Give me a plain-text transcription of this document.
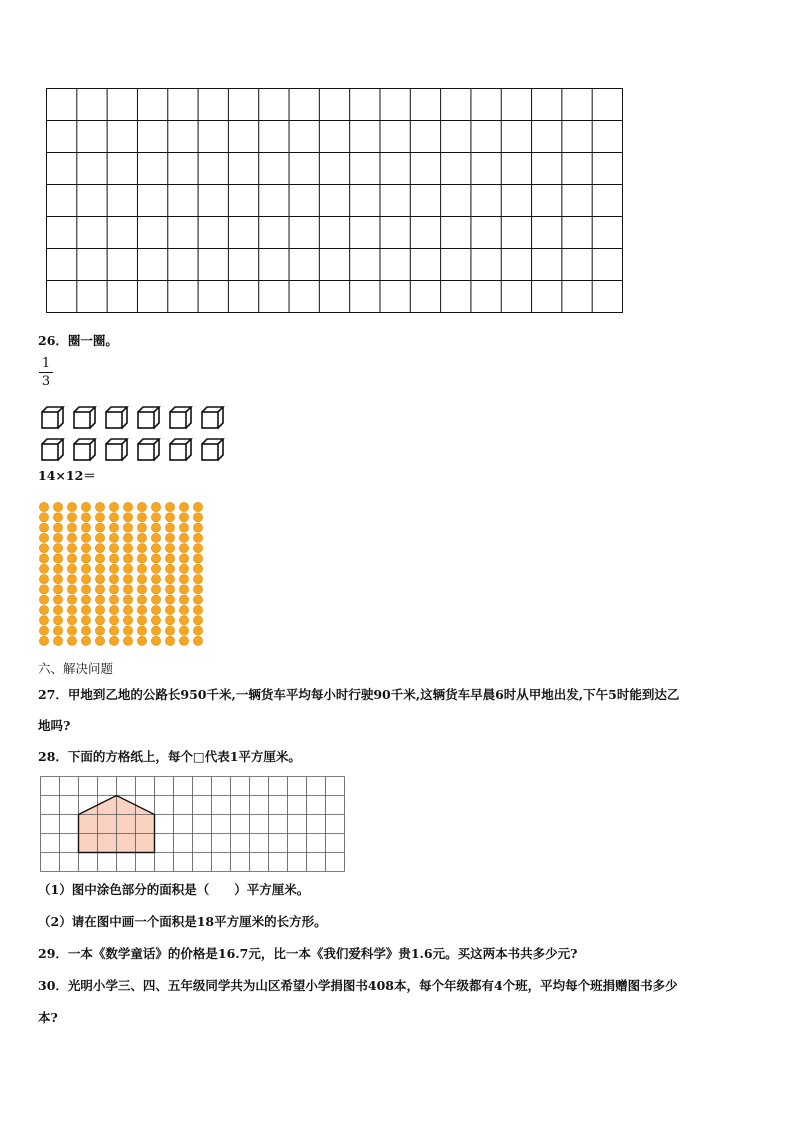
26．圈一圈。
1
3
14×12＝
六、解决问题
27．甲地到乙地的公路长950千米,一辆货车平均每小时行驶90千米,这辆货车早晨6时从甲地出发,下午5时能到达乙
地吗?
28．下面的方格纸上，每个□代表1平方厘米。
（1）图中涂色部分的面积是（　　）平方厘米。
（2）请在图中画一个面积是18平方厘米的长方形。
29．一本《数学童话》的价格是16.7元，比一本《我们爱科学》贵1.6元。买这两本书共多少元?
30．光明小学三、四、五年级同学共为山区希望小学捐图书408本，每个年级都有4个班，平均每个班捐赠图书多少
本?
